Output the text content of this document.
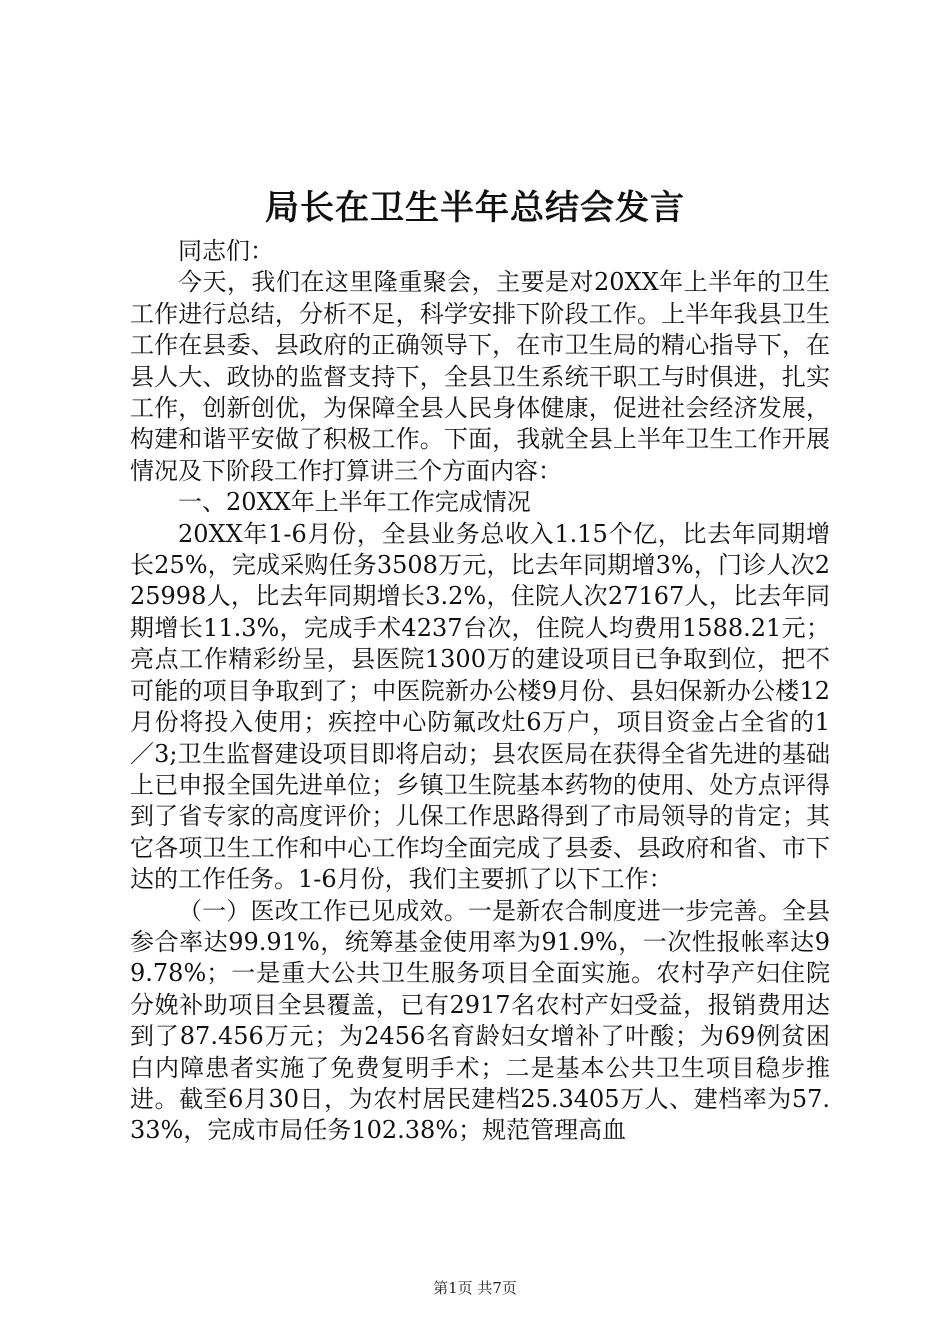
局长在卫生半年总结会发言

同志们：

今天，我们在这里隆重聚会，主要是对20XX年上半年的卫生工作进行总结，分析不足，科学安排下阶段工作。上半年我县卫生工作在县委、县政府的正确领导下，在市卫生局的精心指导下，在县人大、政协的监督支持下，全县卫生系统干职工与时俱进，扎实工作，创新创优，为保障全县人民身体健康，促进社会经济发展，构建和谐平安做了积极工作。下面，我就全县上半年卫生工作开展情况及下阶段工作打算讲三个方面内容：

一、20XX年上半年工作完成情况

20XX年1-6月份，全县业务总收入1.15个亿，比去年同期增长25%，完成采购任务3508万元，比去年同期增3%，门诊人次225998人，比去年同期增长3.2%，住院人次27167人，比去年同期增长11.3%，完成手术4237台次，住院人均费用1588.21元；亮点工作精彩纷呈，县医院1300万的建设项目已争取到位，把不可能的项目争取到了；中医院新办公楼9月份、县妇保新办公楼12月份将投入使用；疾控中心防氟改灶6万户，项目资金占全省的1／3;卫生监督建设项目即将启动；县农医局在获得全省先进的基础上已申报全国先进单位；乡镇卫生院基本药物的使用、处方点评得到了省专家的高度评价；儿保工作思路得到了市局领导的肯定；其它各项卫生工作和中心工作均全面完成了县委、县政府和省、市下达的工作任务。1-6月份，我们主要抓了以下工作：

（一）医改工作已见成效。一是新农合制度进一步完善。全县参合率达99.91%，统筹基金使用率为91.9%，一次性报帐率达99.78%；一是重大公共卫生服务项目全面实施。农村孕产妇住院分娩补助项目全县覆盖，已有2917名农村产妇受益，报销费用达到了87.456万元；为2456名育龄妇女增补了叶酸；为69例贫困白内障患者实施了免费复明手术；二是基本公共卫生项目稳步推进。截至6月30日，为农村居民建档25.3405万人、建档率为57.33%，完成市局任务102.38%；规范管理高血

第1页 共7页
